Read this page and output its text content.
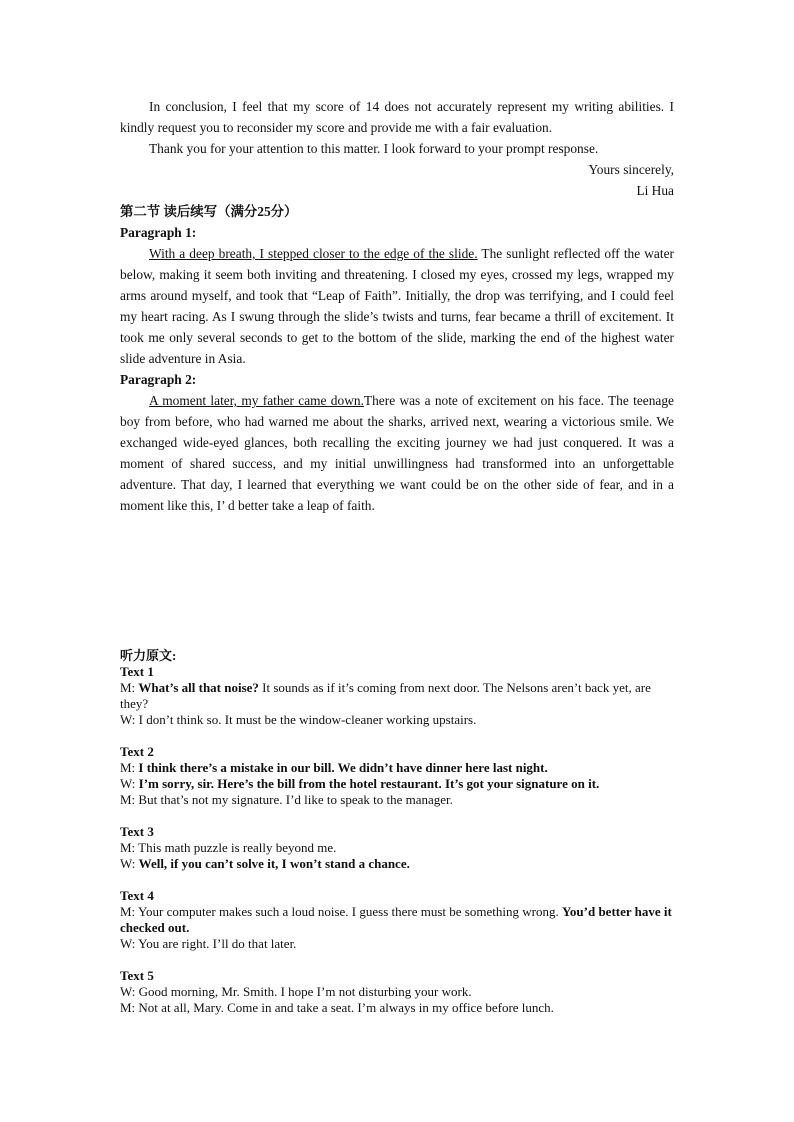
In conclusion, I feel that my score of 14 does not accurately represent my writing abilities. I kindly request you to reconsider my score and provide me with a fair evaluation.

Thank you for your attention to this matter. I look forward to your prompt response.

Yours sincerely,

Li Hua

第二节 读后续写（满分25分）

Paragraph 1:

With a deep breath, I stepped closer to the edge of the slide. The sunlight reflected off the water below, making it seem both inviting and threatening. I closed my eyes, crossed my legs, wrapped my arms around myself, and took that “Leap of Faith”. Initially, the drop was terrifying, and I could feel my heart racing. As I swung through the slide’s twists and turns, fear became a thrill of excitement. It took me only several seconds to get to the bottom of the slide, marking the end of the highest water slide adventure in Asia.

Paragraph 2:

A moment later, my father came down.There was a note of excitement on his face. The teenage boy from before, who had warned me about the sharks, arrived next, wearing a victorious smile. We exchanged wide-eyed glances, both recalling the exciting journey we had just conquered. It was a moment of shared success, and my initial unwillingness had transformed into an unforgettable adventure. That day, I learned that everything we want could be on the other side of fear, and in a moment like this, I’ d better take a leap of faith.

听力原文:
Text 1
M: What’s all that noise? It sounds as if it’s coming from next door. The Nelsons aren’t back yet, are they?
W: I don’t think so. It must be the window-cleaner working upstairs.
Text 2
M: I think there’s a mistake in our bill. We didn’t have dinner here last night.
W: I’m sorry, sir. Here’s the bill from the hotel restaurant. It’s got your signature on it.
M: But that’s not my signature. I’d like to speak to the manager.
Text 3
M: This math puzzle is really beyond me.
W: Well, if you can’t solve it, I won’t stand a chance.
Text 4
M: Your computer makes such a loud noise. I guess there must be something wrong. You’d better have it checked out.
W: You are right. I’ll do that later.
Text 5
W: Good morning, Mr. Smith. I hope I’m not disturbing your work.
M: Not at all, Mary. Come in and take a seat. I’m always in my office before lunch.
